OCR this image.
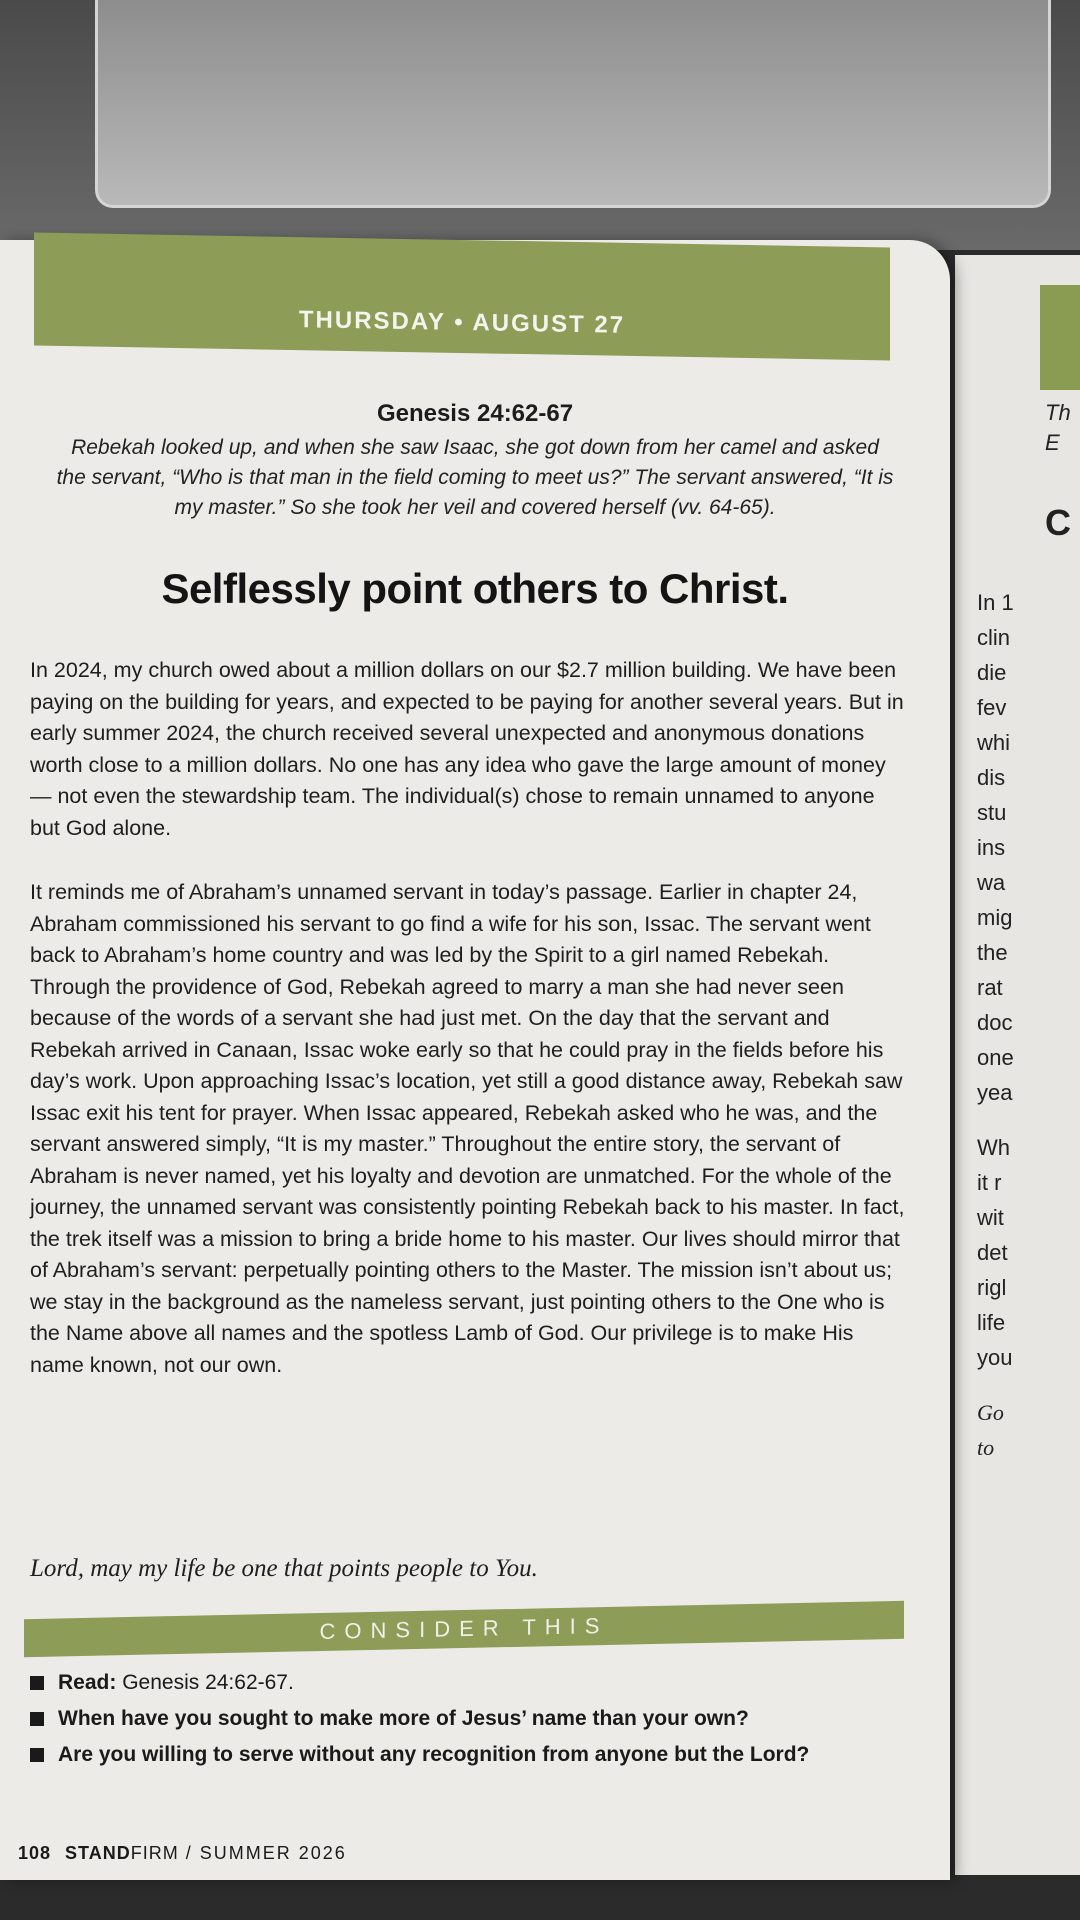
Th
E
C
In 1
clin
die
fev
whi
dis
stu
ins
wa
mig
the
rat
doc
one
yea
Wh
it r
wit
det
rigl
life
you
Go
to
THURSDAY • AUGUST 27
Genesis 24:62-67
Rebekah looked up, and when she saw Isaac, she got down from her camel and asked the servant, “Who is that man in the field coming to meet us?” The servant answered, “It is my master.” So she took her veil and covered herself (vv. 64-65).
Selflessly point others to Christ.

In 2024, my church owed about a million dollars on our $2.7 million building. We have been paying on the building for years, and expected to be paying for another several years. But in early summer 2024, the church received several unexpected and anonymous donations worth close to a million dollars. No one has any idea who gave the large amount of money — not even the stewardship team. The individual(s) chose to remain unnamed to anyone but God alone.

It reminds me of Abraham’s unnamed servant in today’s passage. Earlier in chapter 24, Abraham commissioned his servant to go find a wife for his son, Issac. The servant went back to Abraham’s home country and was led by the Spirit to a girl named Rebekah. Through the providence of God, Rebekah agreed to marry a man she had never seen because of the words of a servant she had just met. On the day that the servant and Rebekah arrived in Canaan, Issac woke early so that he could pray in the fields before his day’s work. Upon approaching Issac’s location, yet still a good distance away, Rebekah saw Issac exit his tent for prayer. When Issac appeared, Rebekah asked who he was, and the servant answered simply, “It is my master.” Throughout the entire story, the servant of Abraham is never named, yet his loyalty and devotion are unmatched. For the whole of the journey, the unnamed servant was consistently pointing Rebekah back to his master. In fact, the trek itself was a mission to bring a bride home to his master. Our lives should mirror that of Abraham’s servant: perpetually pointing others to the Master. The mission isn’t about us; we stay in the background as the nameless servant, just pointing others to the One who is the Name above all names and the spotless Lamb of God. Our privilege is to make His name known, not our own.

Lord, may my life be one that points people to You.
CONSIDER THIS
Read: Genesis 24:62-67.
When have you sought to make more of Jesus’ name than your own?
Are you willing to serve without any recognition from anyone but the Lord?
108 STANDFIRM / SUMMER 2026
